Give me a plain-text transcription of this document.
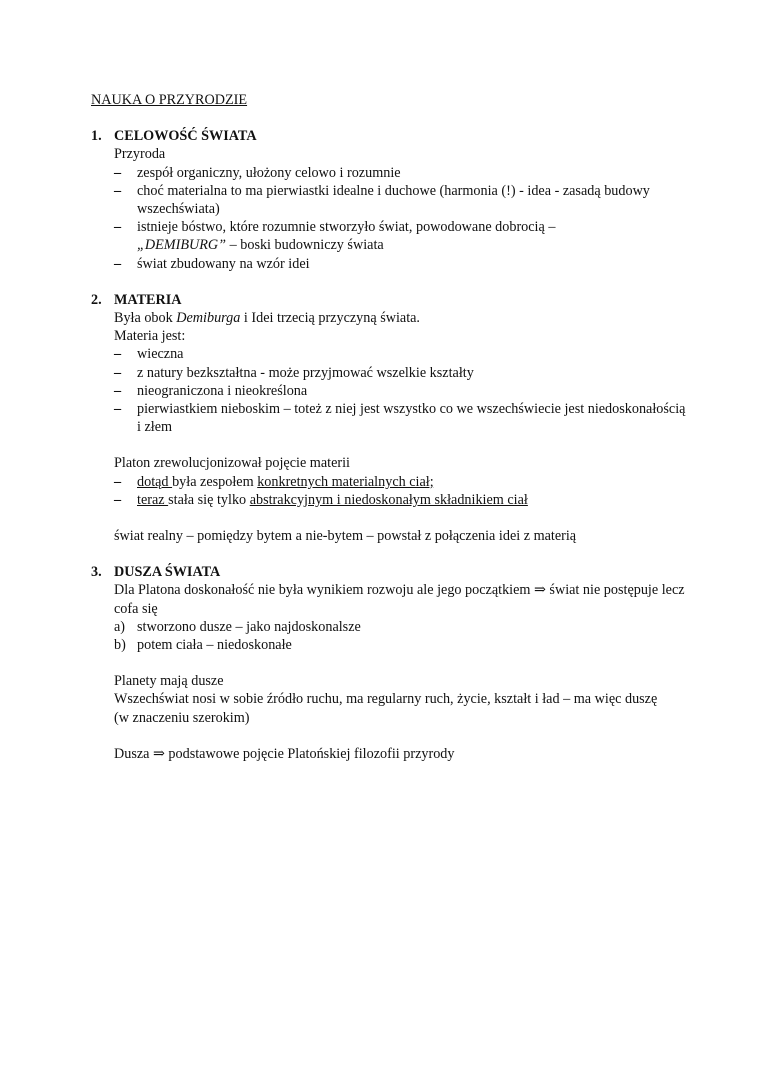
NAUKA O PRZYRODZIE
1. CELOWOŚĆ ŚWIATA
Przyroda
– zespół organiczny, ułożony celowo i rozumnie
– choć materialna to ma pierwiastki idealne i duchowe (harmonia (!) - idea - zasadą budowy wszechświata)
– istnieje bóstwo, które rozumnie stworzyło świat, powodowane dobrocią –
„DEMIBURG” – boski budowniczy świata
– świat zbudowany na wzór idei
2. MATERIA
Była obok Demiburga i Idei trzecią przyczyną świata.
Materia jest:
– wieczna
– z natury bezkształtna - może przyjmować wszelkie kształty
– nieograniczona i nieokreślona
– pierwiastkiem nieboskim – toteż z niej jest wszystko co we wszechświecie jest niedoskonałością i złem
Platon zrewolucjonizował pojęcie materii
– dotąd była zespołem konkretnych materialnych ciał;
– teraz stała się tylko abstrakcyjnym i niedoskonałym składnikiem ciał
świat realny – pomiędzy bytem a nie-bytem – powstał z połączenia idei z materią
3. DUSZA ŚWIATA
Dla Platona doskonałość nie była wynikiem rozwoju ale jego początkiem ⇒ świat nie postępuje lecz cofa się
a) stworzono dusze – jako najdoskonalsze
b) potem ciała – niedoskonałe
Planety mają dusze
Wszechświat nosi w sobie źródło ruchu, ma regularny ruch, życie, kształt i ład – ma więc duszę
(w znaczeniu szerokim)
Dusza ⇒ podstawowe pojęcie Platońskiej filozofii przyrody
